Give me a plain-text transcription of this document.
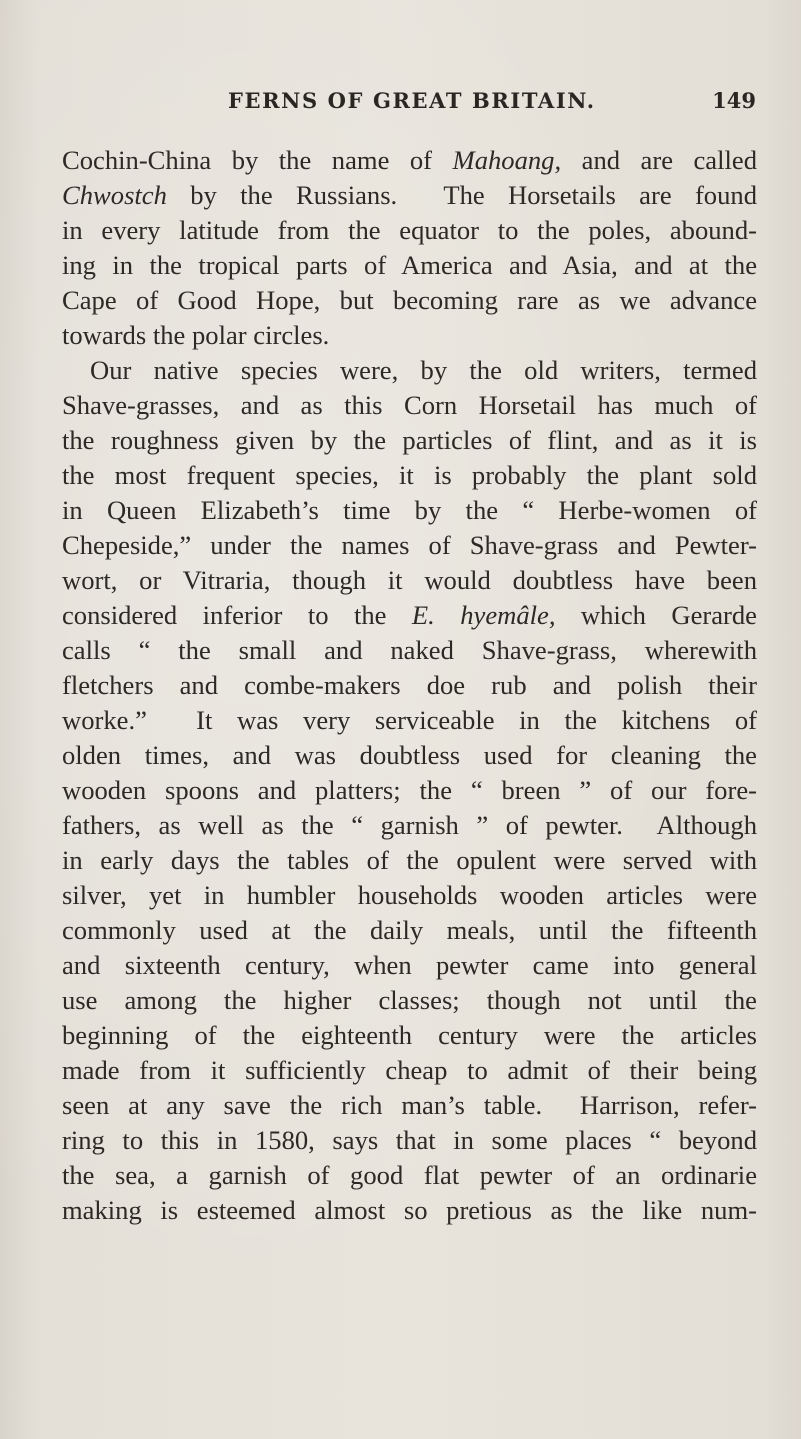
FERNS OF GREAT BRITAIN.	149
Cochin-China by the name of Mahoang, and are called
Chwostch by the Russians.  The Horsetails are found
in every latitude from the equator to the poles, abound-
ing in the tropical parts of America and Asia, and at the
Cape of Good Hope, but becoming rare as we advance
towards the polar circles.
Our native species were, by the old writers, termed
Shave-grasses, and as this Corn Horsetail has much of
the roughness given by the particles of flint, and as it is
the most frequent species, it is probably the plant sold
in Queen Elizabeth’s time by the “ Herbe-women of
Chepeside,” under the names of Shave-grass and Pewter-
wort, or Vitraria, though it would doubtless have been
considered inferior to the E. hyemâle, which Gerarde
calls “ the small and naked Shave-grass, wherewith
fletchers and combe-makers doe rub and polish their
worke.”  It was very serviceable in the kitchens of
olden times, and was doubtless used for cleaning the
wooden spoons and platters; the “ breen ” of our fore-
fathers, as well as the “ garnish ” of pewter.  Although
in early days the tables of the opulent were served with
silver, yet in humbler households wooden articles were
commonly used at the daily meals, until the fifteenth
and sixteenth century, when pewter came into general
use among the higher classes; though not until the
beginning of the eighteenth century were the articles
made from it sufficiently cheap to admit of their being
seen at any save the rich man’s table.  Harrison, refer-
ring to this in 1580, says that in some places “ beyond
the sea, a garnish of good flat pewter of an ordinarie
making is esteemed almost so pretious as the like num-
